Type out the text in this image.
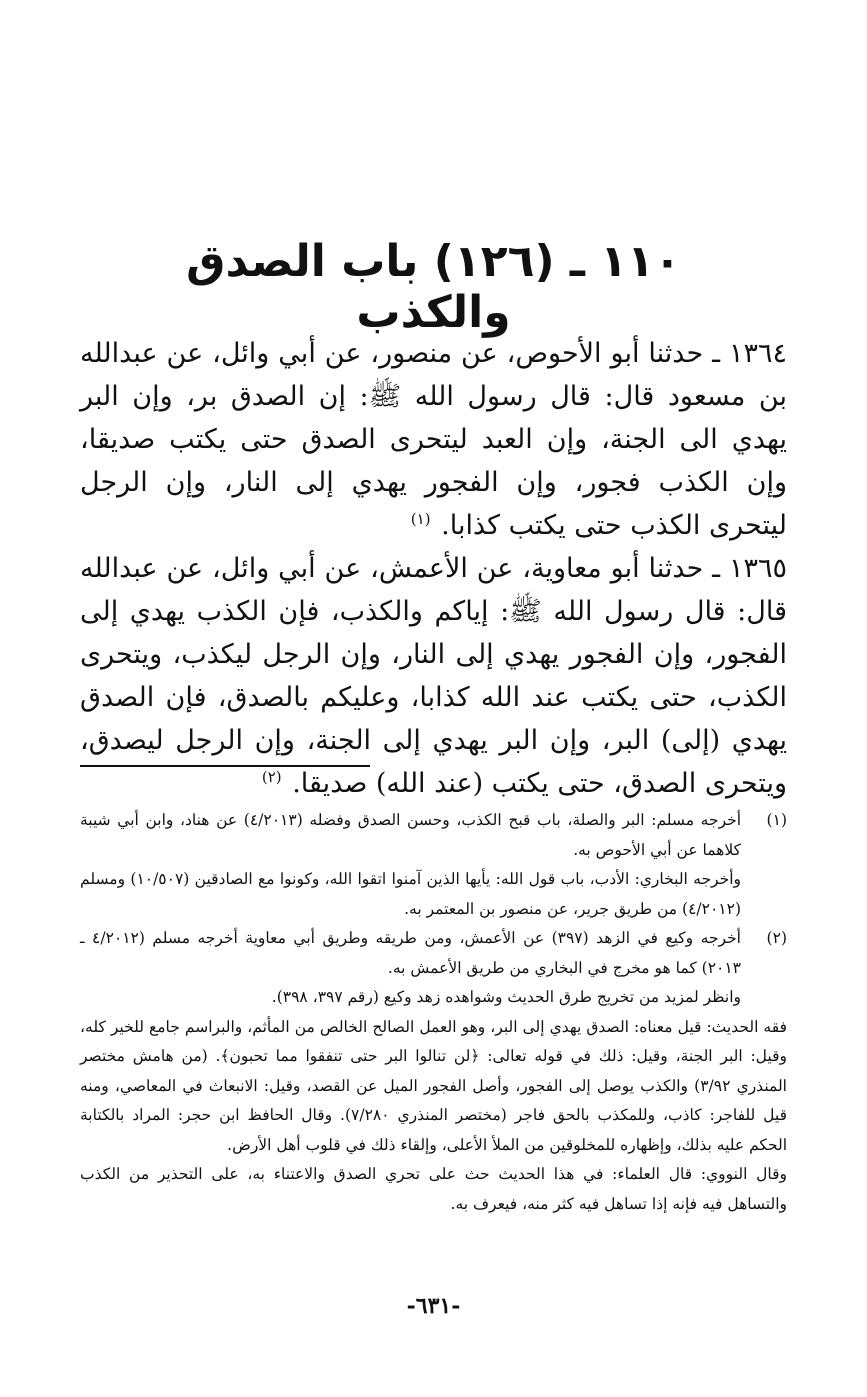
١١٠ ـ (١٢٦) باب الصدق والكذب

١٣٦٤ ـ حدثنا أبو الأحوص، عن منصور، عن أبي وائل، عن عبدالله بن مسعود قال: قال رسول الله ﷺ: إن الصدق بر، وإن البر يهدي الى الجنة، وإن العبد ليتحرى الصدق حتى يكتب صديقا، وإن الكذب فجور، وإن الفجور يهدي إلى النار، وإن الرجل ليتحرى الكذب حتى يكتب كذابا. $^{(١)}$

١٣٦٥ ـ حدثنا أبو معاوية، عن الأعمش، عن أبي وائل، عن عبدالله قال: قال رسول الله ﷺ: إياكم والكذب، فإن الكذب يهدي إلى الفجور، وإن الفجور يهدي إلى النار، وإن الرجل ليكذب، ويتحرى الكذب، حتى يكتب عند الله كذابا، وعليكم بالصدق، فإن الصدق يهدي (إلى) البر، وإن البر يهدي إلى الجنة، وإن الرجل ليصدق، ويتحرى الصدق، حتى يكتب (عند الله) صديقا. $^{(٢)}$

(١)

أخرجه مسلم: البر والصلة، باب قبح الكذب، وحسن الصدق وفضله (٤/٢٠١٣) عن هناد، وابن أبي شيبة كلاهما عن أبي الأحوص به.

وأخرجه البخاري: الأدب، باب قول الله: يأيها الذين آمنوا اتقوا الله، وكونوا مع الصادقين (١٠/٥٠٧) ومسلم (٤/٢٠١٢) من طريق جرير، عن منصور بن المعتمر به.

(٢)

أخرجه وكيع في الزهد (٣٩٧) عن الأعمش، ومن طريقه وطريق أبي معاوية أخرجه مسلم (٤/٢٠١٢ ـ ٢٠١٣) كما هو مخرج في البخاري من طريق الأعمش به.

وانظر لمزيد من تخريج طرق الحديث وشواهده زهد وكيع (رقم ٣٩٧، ٣٩٨).

فقه الحديث: قيل معناه: الصدق يهدي إلى البر، وهو العمل الصالح الخالص من المأثم، والبراسم جامع للخير كله، وقيل: البر الجنة، وقيل: ذلك في قوله تعالى: ﴿لن تنالوا البر حتى تنفقوا مما تحبون﴾. (من هامش مختصر المنذري ٣/٩٢) والكذب يوصل إلى الفجور، وأصل الفجور الميل عن القصد، وقيل: الانبعاث في المعاصي، ومنه قيل للفاجر: كاذب، وللمكذب بالحق فاجر (مختصر المنذري ٧/٢٨٠). وقال الحافظ ابن حجر: المراد بالكتابة الحكم عليه بذلك، وإظهاره للمخلوقين من الملأ الأعلى، وإلقاء ذلك في قلوب أهل الأرض.

وقال النووي: قال العلماء: في هذا الحديث حث على تحري الصدق والاعتناء به، على التحذير من الكذب والتساهل فيه فإنه إذا تساهل فيه كثر منه، فيعرف به.

-٦٣١-
